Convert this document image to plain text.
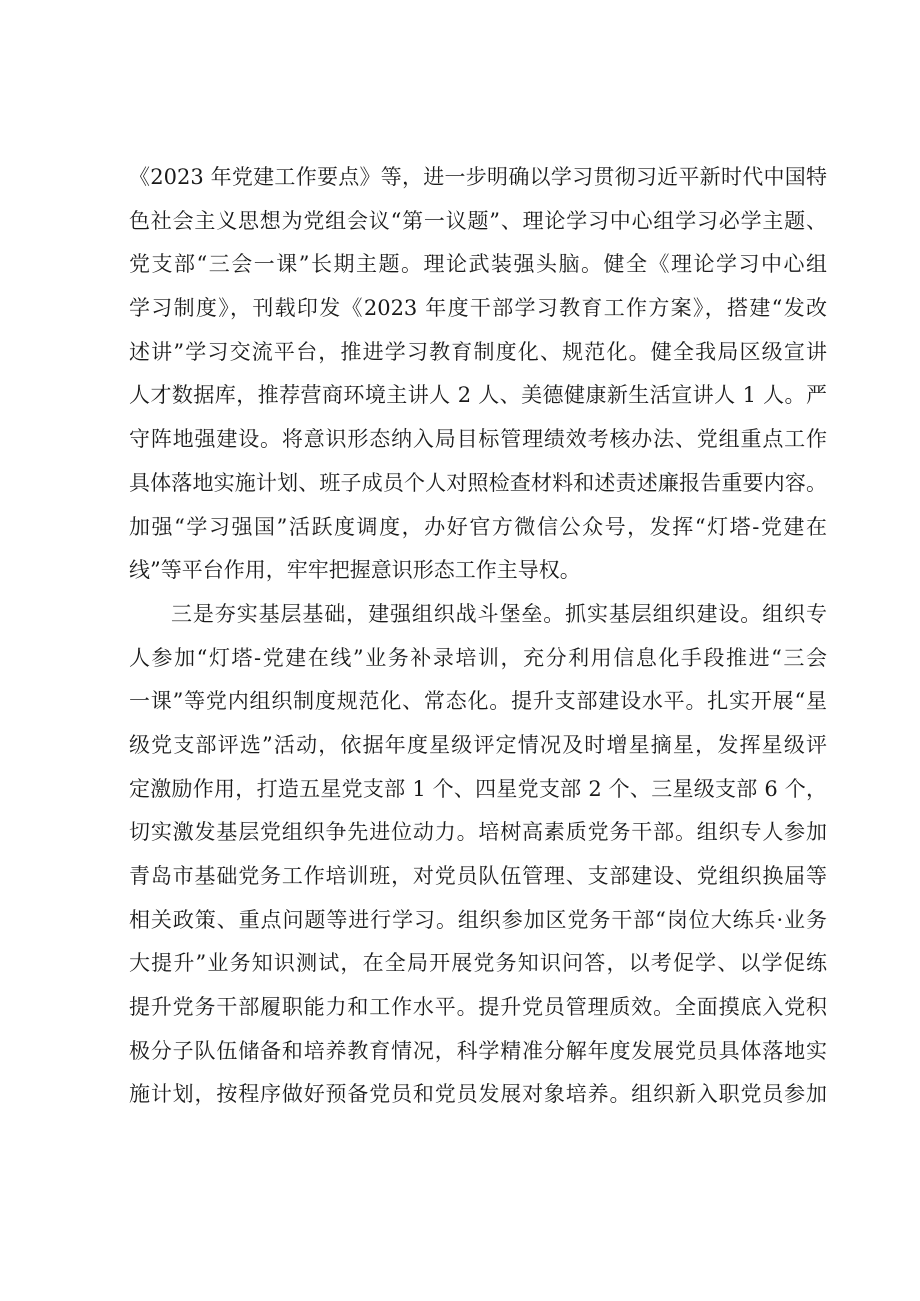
《2023 年党建工作要点》等，进一步明确以学习贯彻习近平新时代中国特
色社会主义思想为党组会议“第一议题”、理论学习中心组学习必学主题、
党支部“三会一课”长期主题。理论武装强头脑。健全《理论学习中心组
学习制度》，刊载印发《2023 年度干部学习教育工作方案》，搭建“发改
述讲”学习交流平台，推进学习教育制度化、规范化。健全我局区级宣讲
人才数据库，推荐营商环境主讲人 2 人、美德健康新生活宣讲人 1 人。严
守阵地强建设。将意识形态纳入局目标管理绩效考核办法、党组重点工作
具体落地实施计划、班子成员个人对照检查材料和述责述廉报告重要内容。
加强“学习强国”活跃度调度，办好官方微信公众号，发挥“灯塔-党建在
线”等平台作用，牢牢把握意识形态工作主导权。
三是夯实基层基础，建强组织战斗堡垒。抓实基层组织建设。组织专
人参加“灯塔-党建在线”业务补录培训，充分利用信息化手段推进“三会
一课”等党内组织制度规范化、常态化。提升支部建设水平。扎实开展“星
级党支部评选”活动，依据年度星级评定情况及时增星摘星，发挥星级评
定激励作用，打造五星党支部 1 个、四星党支部 2 个、三星级支部 6 个，
切实激发基层党组织争先进位动力。培树高素质党务干部。组织专人参加
青岛市基础党务工作培训班，对党员队伍管理、支部建设、党组织换届等
相关政策、重点问题等进行学习。组织参加区党务干部“岗位大练兵·业务
大提升”业务知识测试，在全局开展党务知识问答，以考促学、以学促练
提升党务干部履职能力和工作水平。提升党员管理质效。全面摸底入党积
极分子队伍储备和培养教育情况，科学精准分解年度发展党员具体落地实
施计划，按程序做好预备党员和党员发展对象培养。组织新入职党员参加
